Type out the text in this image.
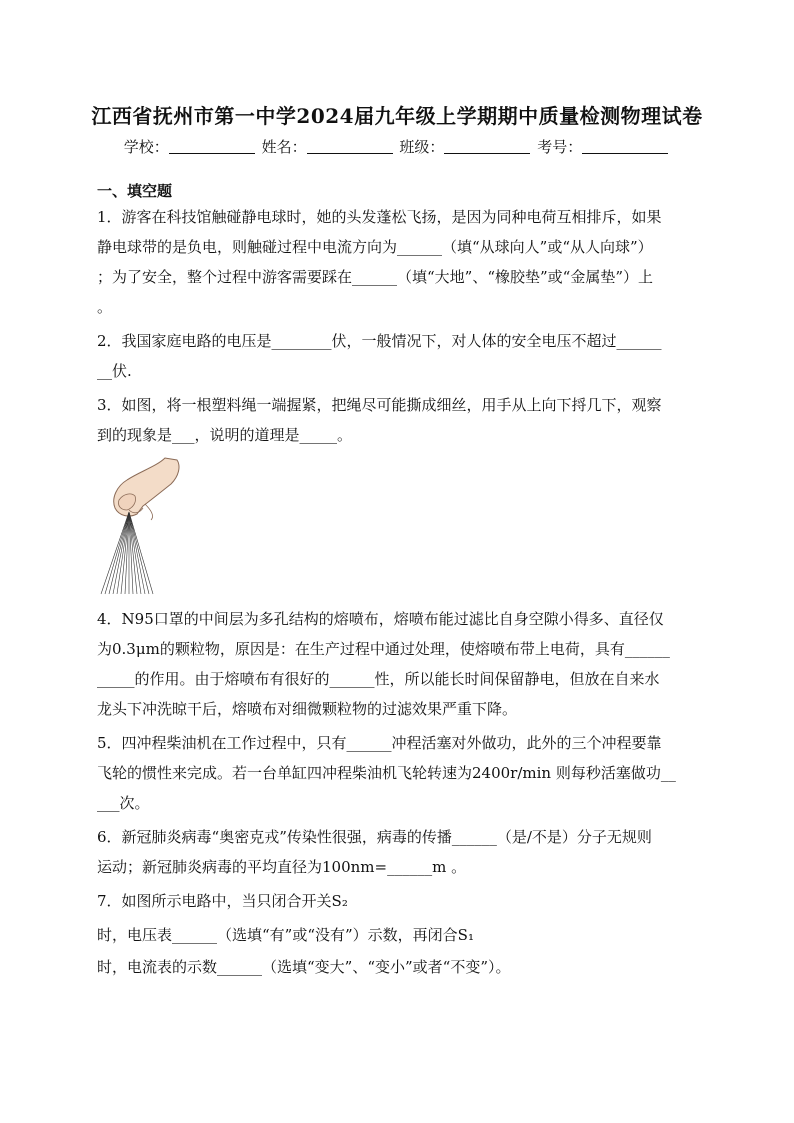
江西省抚州市第一中学2024届九年级上学期期中质量检测物理试卷
学校：	姓名：	班级：	考号：
一、填空题
1．游客在科技馆触碰静电球时，她的头发蓬松飞扬，是因为同种电荷互相排斥，如果
静电球带的是负电，则触碰过程中电流方向为______（填“从球向人”或“从人向球”）
；为了安全，整个过程中游客需要踩在______（填“大地”、“橡胶垫”或“金属垫”）上
。
2．我国家庭电路的电压是________伏，一般情况下，对人体的安全电压不超过______
__伏.
3．如图，将一根塑料绳一端握紧，把绳尽可能撕成细丝，用手从上向下捋几下，观察
到的现象是___，说明的道理是_____。
4．N95口罩的中间层为多孔结构的熔喷布，熔喷布能过滤比自身空隙小得多、直径仅
为0.3μm的颗粒物，原因是：在生产过程中通过处理，使熔喷布带上电荷，具有______
_____的作用。由于熔喷布有很好的______性，所以能长时间保留静电，但放在自来水
龙头下冲洗晾干后，熔喷布对细微颗粒物的过滤效果严重下降。
5．四冲程柴油机在工作过程中，只有______冲程活塞对外做功，此外的三个冲程要靠
飞轮的惯性来完成。若一台单缸四冲程柴油机飞轮转速为2400r/min 则每秒活塞做功__
___次。
6．新冠肺炎病毒“奥密克戎”传染性很强，病毒的传播______（是/不是）分子无规则
运动；新冠肺炎病毒的平均直径为100nm=______m 。
7．如图所示电路中，当只闭合开关S₂
时，电压表______（选填“有”或“没有”）示数，再闭合S₁
时，电流表的示数______（选填“变大”、“变小”或者“不变”）。
